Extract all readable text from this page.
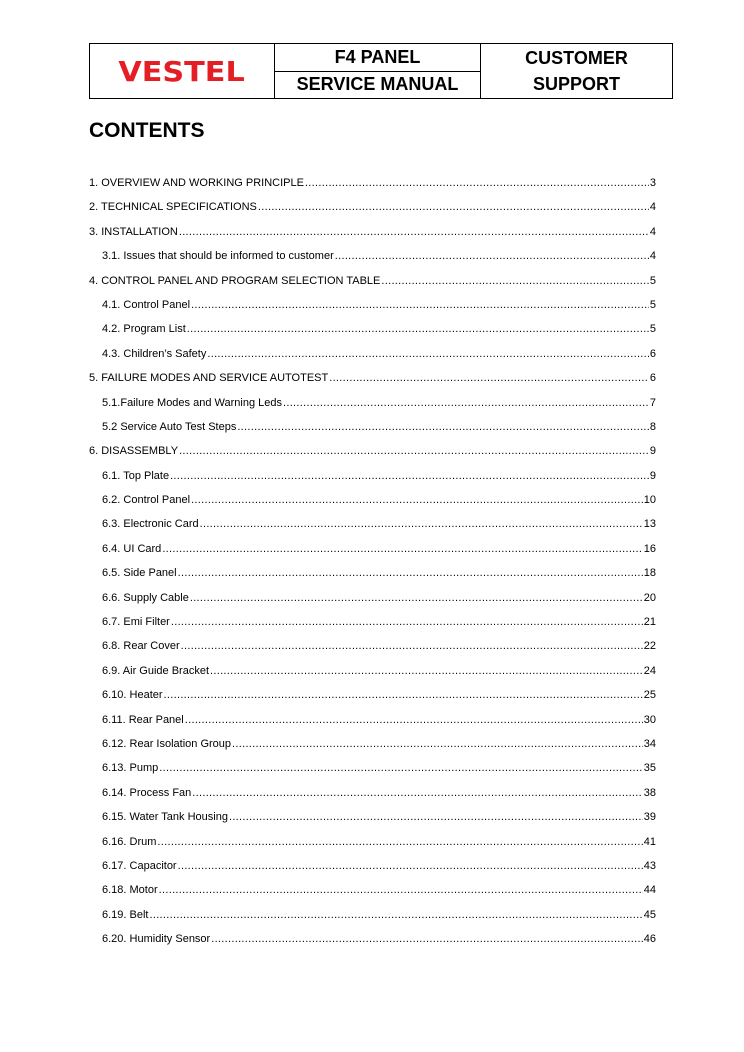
VESTEL	F4 PANEL
SERVICE MANUAL
CUSTOMER
SUPPORT
CONTENTS
1. OVERVIEW AND WORKING PRINCIPLE .....	3
2. TECHNICAL SPECIFICATIONS .....	4
3. INSTALLATION .....	4
3.1. Issues that should be informed to customer .....	4
4. CONTROL PANEL AND PROGRAM SELECTION TABLE .....	5
4.1. Control Panel .....	5
4.2. Program List .....	5
4.3. Children’s Safety .....	6
5. FAILURE MODES AND SERVICE AUTOTEST .....	6
5.1.Failure Modes and Warning Leds .....	7
5.2 Service Auto Test Steps .....	8
6. DISASSEMBLY .....	9
6.1. Top Plate .....	9
6.2. Control Panel .....	10
6.3. Electronic Card .....	13
6.4. UI Card .....	16
6.5. Side Panel .....	18
6.6. Supply Cable .....	20
6.7. Emi Filter .....	21
6.8. Rear Cover .....	22
6.9. Air Guide Bracket .....	24
6.10. Heater .....	25
6.11. Rear Panel .....	30
6.12. Rear Isolation Group .....	34
6.13. Pump .....	35
6.14. Process Fan .....	38
6.15. Water Tank Housing .....	39
6.16. Drum .....	41
6.17. Capacitor .....	43
6.18. Motor .....	44
6.19. Belt .....	45
6.20. Humidity Sensor .....	46
